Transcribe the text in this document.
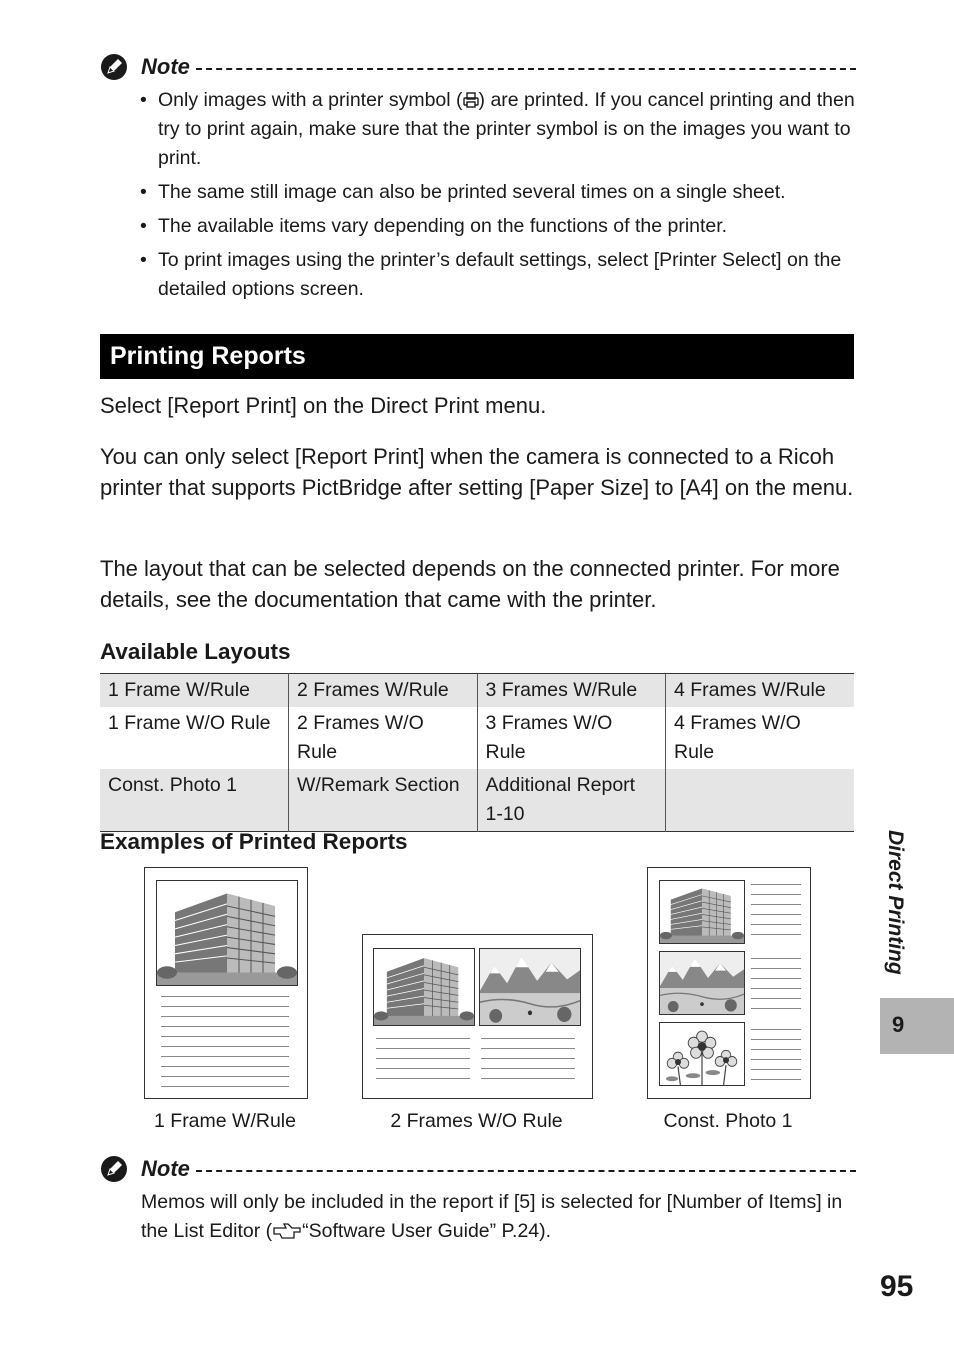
Note
• Only images with a printer symbol ( ) are printed. If you cancel printing and then try to print again, make sure that the printer symbol is on the images you want to print.
• The same still image can also be printed several times on a single sheet.
• The available items vary depending on the functions of the printer.
• To print images using the printer’s default settings, select [Printer Select] on the detailed options screen.
Printing Reports

Select [Report Print] on the Direct Print menu.

You can only select [Report Print] when the camera is connected to a Ricoh printer that supports PictBridge after setting [Paper Size] to [A4] on the menu.

The layout that can be selected depends on the connected printer. For more details, see the documentation that came with the printer.

Available Layouts
1 Frame W/Rule	2 Frames W/Rule	3 Frames W/Rule	4 Frames W/Rule
1 Frame W/O Rule	2 Frames W/O Rule	3 Frames W/O Rule	4 Frames W/O Rule
Const. Photo 1	W/Remark Section	Additional Report 1-10	
Examples of Printed Reports
1 Frame W/Rule	2 Frames W/O Rule	Const. Photo 1
Note

Memos will only be included in the report if [5] is selected for [Number of Items] in the List Editor ( “Software User Guide” P.24).

Direct Printing
9
95
